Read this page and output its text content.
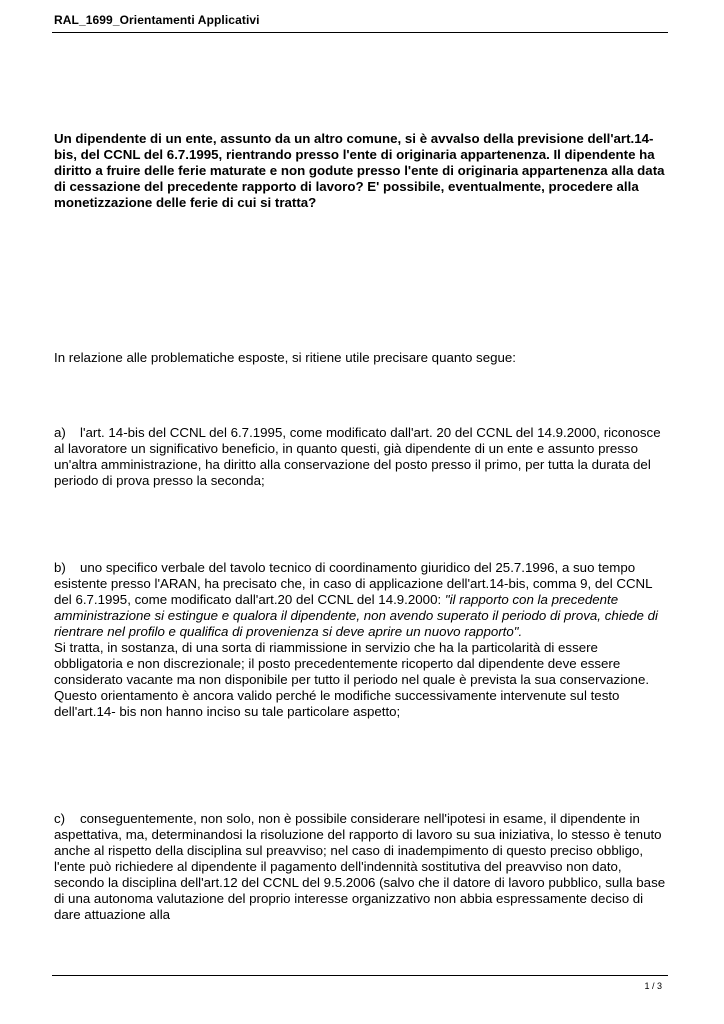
RAL_1699_Orientamenti Applicativi

Un dipendente di un ente, assunto da un altro comune, si è avvalso della previsione dell'art.14-bis, del CCNL del 6.7.1995, rientrando presso l'ente di originaria appartenenza. Il dipendente ha diritto a fruire delle ferie maturate e non godute presso l'ente di originaria appartenenza alla data di cessazione del precedente rapporto di lavoro? E' possibile, eventualmente, procedere alla monetizzazione delle ferie di cui si tratta?

In relazione alle problematiche esposte, si ritiene utile precisare quanto segue:

a) l'art. 14-bis del CCNL del 6.7.1995, come modificato dall'art. 20 del CCNL del 14.9.2000, riconosce al lavoratore un significativo beneficio, in quanto questi, già dipendente di un ente e assunto presso un'altra amministrazione, ha diritto alla conservazione del posto presso il primo, per tutta la durata del periodo di prova presso la seconda;

b) uno specifico verbale del tavolo tecnico di coordinamento giuridico del 25.7.1996, a suo tempo esistente presso l'ARAN, ha precisato che, in caso di applicazione dell'art.14-bis, comma 9, del CCNL del 6.7.1995, come modificato dall'art.20 del CCNL del 14.9.2000: "il rapporto con la precedente amministrazione si estingue e qualora il dipendente, non avendo superato il periodo di prova, chiede di rientrare nel profilo e qualifica di provenienza si deve aprire un nuovo rapporto".
Si tratta, in sostanza, di una sorta di riammissione in servizio che ha la particolarità di essere obbligatoria e non discrezionale; il posto precedentemente ricoperto dal dipendente deve essere considerato vacante ma non disponibile per tutto il periodo nel quale è prevista la sua conservazione. Questo orientamento è ancora valido perché le modifiche successivamente intervenute sul testo dell'art.14- bis non hanno inciso su tale particolare aspetto;

c) conseguentemente, non solo, non è possibile considerare nell'ipotesi in esame, il dipendente in aspettativa, ma, determinandosi la risoluzione del rapporto di lavoro su sua iniziativa, lo stesso è tenuto anche al rispetto della disciplina sul preavviso; nel caso di inadempimento di questo preciso obbligo, l'ente può richiedere al dipendente il pagamento dell'indennità sostitutiva del preavviso non dato, secondo la disciplina dell'art.12 del CCNL del 9.5.2006 (salvo che il datore di lavoro pubblico, sulla base di una autonoma valutazione del proprio interesse organizzativo non abbia espressamente deciso di dare attuazione alla

1 / 3
